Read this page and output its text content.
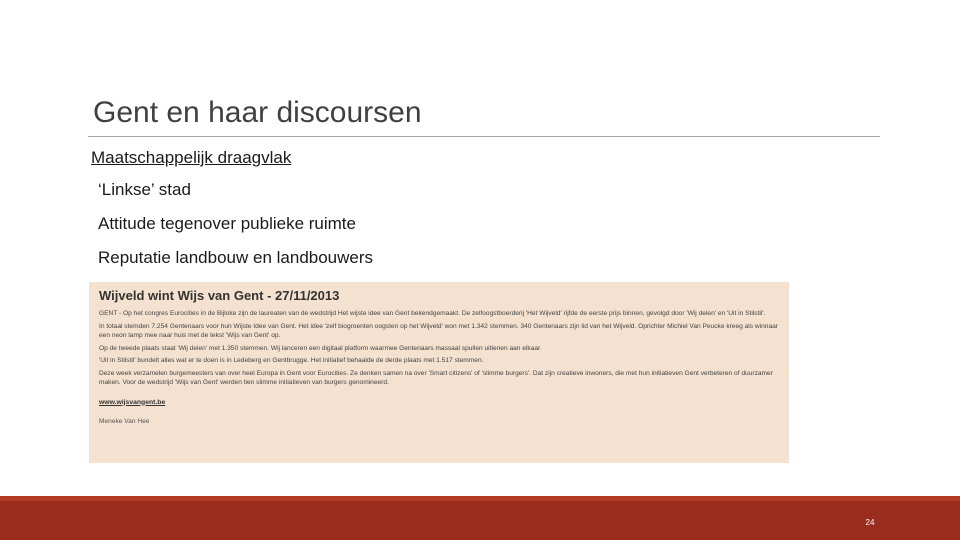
Gent en haar discoursen
Maatschappelijk draagvlak
‘Linkse’ stad
Attitude tegenover publieke ruimte
Reputatie landbouw en landbouwers
Wijveld wint Wijs van Gent - 27/11/2013

GENT - Op het congres Eurocities in de Bijloke zijn de laureaten van de wedstrijd Het wijste idee van Gent bekendgemaakt. De zelfoogstboerderij 'Het Wijveld' rijfde de eerste prijs binnen, gevolgd door 'Wij delen' en 'Uit in Stilstil'.

In totaal stemden 7.254 Gentenaars voor hun Wijste Idee van Gent. Het idee 'zelf biogroenten oogsten op het Wijveld' won met 1.342 stemmen. 340 Gentenaars zijn lid van het Wijveld. Oprichter Michiel Van Peucke kreeg als winnaar een neon lamp mee naar huis met de tekst 'Wijs van Gent' op.

Op de tweede plaats staat 'Wij delen' met 1.350 stemmen. Wij lanceren een digitaal platform waarmee Gentenaars massaal spullen uitlenen aan elkaar.

'Uit in Stilstil' bundelt alles wat er te doen is in Ledeberg en Gentbrugge. Het initiatief behaalde de derde plaats met 1.517 stemmen.

Deze week verzamelen burgemeesters van over heel Europa in Gent voor Eurocities. Ze denken samen na over 'Smart citizens' of 'slimme burgers'. Dat zijn creatieve inwoners, die met hun initiatieven Gent verbeteren of duurzamer maken. Voor de wedstrijd 'Wijs van Gent' werden tien slimme initiatieven van burgers genomineerd.

www.wijsvangent.be
Meneke Van Hee
24
